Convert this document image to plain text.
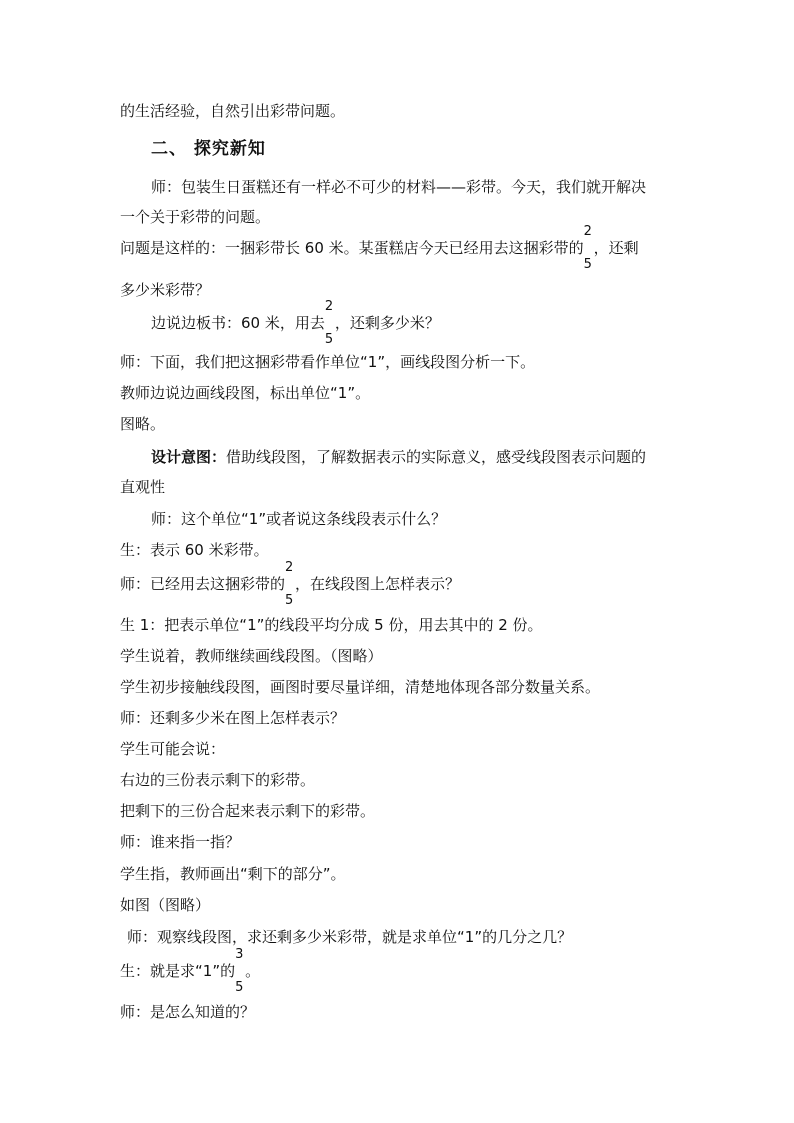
的生活经验，自然引出彩带问题。
二、 探究新知
师：包装生日蛋糕还有一样必不可少的材料——彩带。今天，我们就开解决
一个关于彩带的问题。
问题是这样的：一捆彩带长 60 米。某蛋糕店今天已经用去这捆彩带的
2
5
，还剩
多少米彩带？
边说边板书：60 米，用去
2
5
，还剩多少米？
师：下面，我们把这捆彩带看作单位“1”，画线段图分析一下。
教师边说边画线段图，标出单位“1”。
图略。
设计意图：借助线段图，了解数据表示的实际意义，感受线段图表示问题的
直观性
师：这个单位“1”或者说这条线段表示什么？
生：表示 60 米彩带。
师：已经用去这捆彩带的
2
5
，在线段图上怎样表示？
生 1：把表示单位“1”的线段平均分成 5 份，用去其中的 2 份。
学生说着，教师继续画线段图。（图略）
学生初步接触线段图，画图时要尽量详细，清楚地体现各部分数量关系。
师：还剩多少米在图上怎样表示？
学生可能会说：
右边的三份表示剩下的彩带。
把剩下的三份合起来表示剩下的彩带。
师：谁来指一指？
学生指，教师画出“剩下的部分”。
如图（图略）
师：观察线段图，求还剩多少米彩带，就是求单位“1”的几分之几？
生：就是求“1”的
3
5
。
师：是怎么知道的？
